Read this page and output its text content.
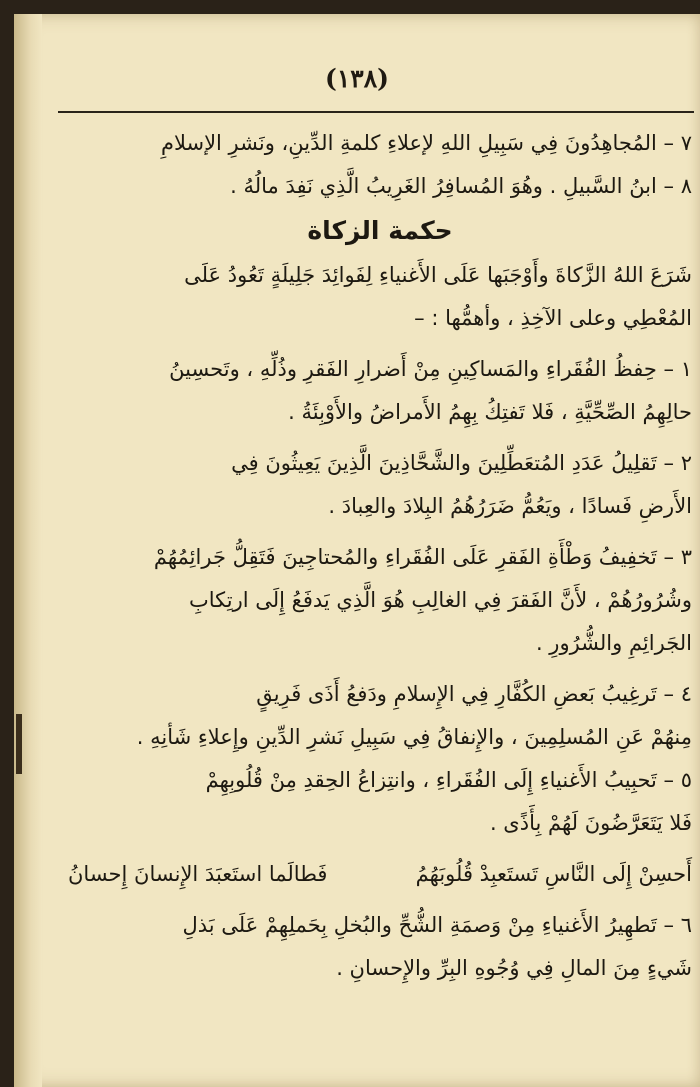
(١٣٨)
٧ – المُجاهِدُونَ فِي سَبِيلِ اللهِ لإعلاءِ كلمةِ الدِّينِ، ونَشرِ الإسلامِ
٨ – ابنُ السَّبيلِ . وهُوَ المُسافِرُ الغَرِيبُ الَّذِي نَفِدَ مالُهُ .
حكمة الزكاة
شَرَعَ اللهُ الزَّكاةَ وأَوْجَبَها عَلَى الأَغنياءِ لِفَوائِدَ جَلِيلَةٍ تَعُودُ عَلَى
المُعْطِي وعلى الآخِذِ ، وأهمُّها : –
١ – حِفظُ الفُقَراءِ والمَساكِينِ مِنْ أَضرارِ الفَقرِ وذُلِّهِ ، وتَحسِينُ
حالِهِمُ الصِّحِّيَّةِ ، فَلا تَفتِكُ بِهِمُ الأَمراضُ والأَوْبِئَةُ .
٢ – تَقلِيلُ عَدَدِ المُتعَطِّلِينَ والشَّحَّاذِينَ الَّذِينَ يَعِيثُونَ فِي
الأَرضِ فَسادًا ، ويَعُمُّ ضَرَرُهُمُ البِلادَ والعِبادَ .
٣ – تَخفِيفُ وَطْأَةِ الفَقرِ عَلَى الفُقَراءِ والمُحتاجِينَ فَتَقِلُّ جَرائِمُهُمْ
وشُرُورُهُمْ ، لأَنَّ الفَقرَ فِي الغالِبِ هُوَ الَّذِي يَدفَعُ إِلَى ارتِكابِ
الجَرائِمِ والشُّرُورِ .
٤ – تَرغِيبُ بَعضِ الكُفَّارِ فِي الإِسلامِ ودَفعُ أَذَى فَرِيقٍ
مِنهُمْ عَنِ المُسلِمِينَ ، والإِنفاقُ فِي سَبِيلِ نَشرِ الدِّينِ وإِعلاءِ شَأنِهِ .
٥ – تَحبِيبُ الأَغنياءِ إِلَى الفُقَراءِ ، وانتِزاعُ الحِقدِ مِنْ قُلُوبِهِمْ
فَلا يَتَعَرَّضُونَ لَهُمْ بِأَذًى .
أَحسِنْ إِلَى النَّاسِ تَستَعبِدْ قُلُوبَهُمُ
فَطالَما استَعبَدَ الإِنسانَ إِحسانُ
٦ – تَطهِيرُ الأَغنياءِ مِنْ وَصمَةِ الشُّحِّ والبُخلِ بِحَملِهِمْ عَلَى بَذلِ
شَيءٍ مِنَ المالِ فِي وُجُوهِ البِرِّ والإِحسانِ .
